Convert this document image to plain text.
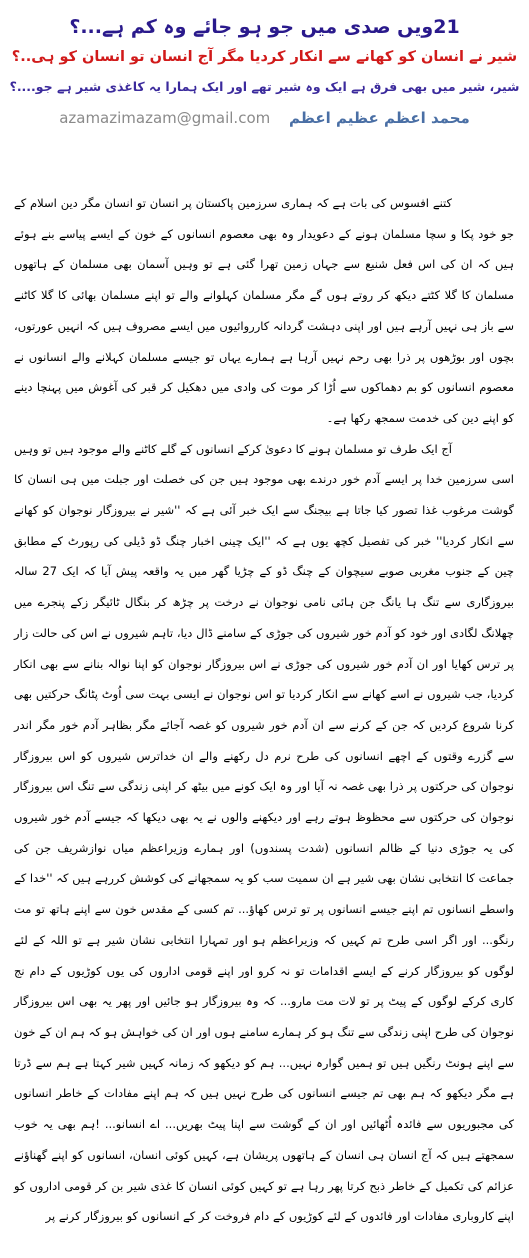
21ویں صدی میں جو ہو جائے وہ کم ہے...؟
شیر نے انسان کو کھانے سے انکار کردیا مگر آج انسان تو انسان کو ہی..؟
شیر، شیر میں بھی فرق ہے ایک وہ شیر تھے اور ایک ہمارا یہ کاغذی شیر ہے جو....؟
azamazimazam@gmail.com محمد اعظم عظیم اعظم

کتنے افسوس کی بات ہے کہ ہماری سرزمین پاکستان پر انسان تو انسان مگر دین اسلام کے جو خود پکا و سچا مسلمان ہونے کے دعویدار وہ بھی معصوم انسانوں کے خون کے ایسے پیاسے بنے ہوئے ہیں کہ ان کی اس فعل شنیع سے جہاں زمین تھرا گئی ہے تو وہیں آسمان بھی مسلمان کے ہاتھوں مسلمان کا گلا کٹتے دیکھ کر روتے ہوں گے مگر مسلمان کہلوانے والے تو اپنے مسلمان بھائی کا گلا کاٹنے سے باز ہی نہیں آرہے ہیں اور اپنی دہشت گردانہ کارروائیوں میں ایسے مصروف ہیں کہ انہیں عورتوں، بچوں اور بوڑھوں پر ذرا بھی رحم نہیں آرہا ہے ہمارے یہاں تو جیسے مسلمان کہلانے والے انسانوں نے معصوم انسانوں کو بم دھماکوں سے اُڑا کر موت کی وادی میں دھکیل کر قبر کی آغوش میں پہنچا دینے کو اپنے دین کی خدمت سمجھ رکھا ہے۔

آج ایک طرف تو مسلمان ہونے کا دعویٰ کرکے انسانوں کے گلے کاٹنے والے موجود ہیں تو وہیں اسی سرزمین خدا پر ایسے آدم خور درندے بھی موجود ہیں جن کی خصلت اور جبلت میں ہی انسان کا گوشت مرغوب غذا تصور کیا جاتا ہے بیجنگ سے ایک خبر آئی ہے کہ ''شیر نے بیروزگار نوجوان کو کھانے سے انکار کردیا'' خبر کی تفصیل کچھ یوں ہے کہ ''ایک چینی اخبار چنگ ڈو ڈیلی کی رپورٹ کے مطابق چین کے جنوب مغربی صوبے سیچوان کے چنگ ڈو کے چڑیا گھر میں یہ واقعہ پیش آیا کہ ایک 27 سالہ بیروزگاری سے تنگ ہا یانگ جن ہائی نامی نوجوان نے درخت پر چڑھ کر بنگال ٹائیگر زکے پنجرے میں چھلانگ لگادی اور خود کو آدم خور شیروں کی جوڑی کے سامنے ڈال دیا، تاہم شیروں نے اس کی حالت زار پر ترس کھایا اور ان آدم خور شیروں کی جوڑی نے اس بیروزگار نوجوان کو اپنا نوالہ بنانے سے بھی انکار کردیا، جب شیروں نے اسے کھانے سے انکار کردیا تو اس نوجوان نے ایسی بہت سی اُوٹ پٹانگ حرکتیں بھی کرنا شروع کردیں کہ جن کے کرنے سے ان آدم خور شیروں کو غصہ آجائے مگر بظاہر آدم خور مگر اندر سے گزرے وقتوں کے اچھے انسانوں کی طرح نرم دل رکھنے والے ان خداترس شیروں کو اس بیروزگار نوجوان کی حرکتوں پر ذرا بھی غصہ نہ آیا اور وہ ایک کونے میں بیٹھ کر اپنی زندگی سے تنگ اس بیروزگار نوجوان کی حرکتوں سے محظوظ ہوتے رہے اور دیکھنے والوں نے یہ بھی دیکھا کہ جیسے آدم خور شیروں کی یہ جوڑی دنیا کے ظالم انسانوں (شدت پسندوں) اور ہمارے وزیراعظم میاں نوازشریف جن کی جماعت کا انتخابی نشان بھی شیر ہے ان سمیت سب کو یہ سمجھانے کی کوشش کررہے ہیں کہ ''خدا کے واسطے انسانوں تم اپنے جیسے انسانوں پر تو ترس کھاؤ... تم کسی کے مقدس خون سے اپنے ہاتھ تو مت رنگو... اور اگر اسی طرح تم کہیں کہ وزیراعظم ہو اور تمہارا انتخابی نشان شیر ہے تو اللہ کے لئے لوگوں کو بیروزگار کرنے کے ایسے اقدامات تو نہ کرو اور اپنے قومی اداروں کی یوں کوڑیوں کے دام نج کاری کرکے لوگوں کے پیٹ پر تو لات مت مارو... کہ وہ بیروزگار ہو جائیں اور پھر یہ بھی اس بیروزگار نوجوان کی طرح اپنی زندگی سے تنگ ہو کر ہمارے سامنے ہوں اور ان کی خواہش ہو کہ ہم ان کے خون سے اپنے ہونٹ رنگیں ہیں تو ہمیں گوارہ نہیں... ہم کو دیکھو کہ زمانہ کہیں شیر کہتا ہے ہم سے ڈرتا ہے مگر دیکھو کہ ہم بھی تم جیسے انسانوں کی طرح نہیں ہیں کہ ہم اپنے مفادات کے خاطر انسانوں کی مجبوریوں سے فائدہ اُٹھائیں اور ان کے گوشت سے اپنا پیٹ بھریں... اے انسانو... !ہم بھی یہ خوب سمجھتے ہیں کہ آج انسان ہی انسان کے ہاتھوں پریشان ہے، کہیں کوئی انسان، انسانوں کو اپنے گھناؤنے عزائم کی تکمیل کے خاطر ذبح کرتا پھر رہا ہے تو کہیں کوئی انسان کا غذی شیر بن کر قومی اداروں کو اپنے کاروباری مفادات اور فائدوں کے لئے کوڑیوں کے دام فروخت کر کے انسانوں کو بیروزگار کرنے پر
